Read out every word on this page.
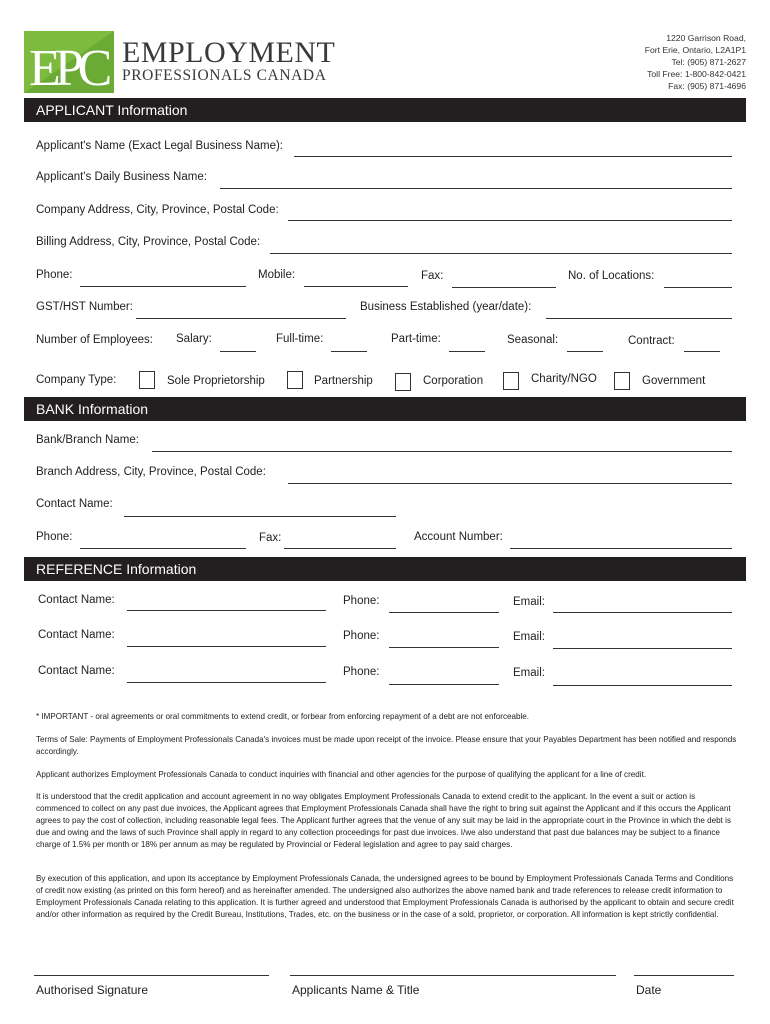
EPC EMPLOYMENT
PROFESSIONALS CANADA
1220 Garrison Road,
Fort Erie, Ontario, L2A1P1
Tel: (905) 871-2627
Toll Free: 1-800-842-0421
Fax: (905) 871-4696
APPLICANT Information
Applicant's Name (Exact Legal Business Name):
Applicant's Daily Business Name:
Company Address, City, Province, Postal Code:
Billing Address, City, Province, Postal Code:
Phone:	Mobile:	Fax:	No. of Locations:
GST/HST Number:	Business Established (year/date):
Number of Employees: Salary:	Full-time:	Part-time:	Seasonal:	Contract:
Company Type:	Sole Proprietorship	Partnership	Corporation	Charity/NGO	Government
BANK Information
Bank/Branch Name:
Branch Address, City, Province, Postal Code:
Contact Name:
Phone:	Fax:	Account Number:
REFERENCE Information
Contact Name:	Phone:	Email:
Contact Name:	Phone:	Email:
Contact Name:	Phone:	Email:
* IMPORTANT - oral agreements or oral commitments to extend credit, or forbear from enforcing repayment of a debt are not enforceable.
Terms of Sale: Payments of Employment Professionals Canada's invoices must be made upon receipt of the invoice. Please ensure that your Payables Department has been notified and responds accordingly.
Applicant authorizes Employment Professionals Canada to conduct inquiries with financial and other agencies for the purpose of qualifying the applicant for a line of credit.
It is understood that the credit application and account agreement in no way obligates Employment Professionals Canada to extend credit to the applicant. In the event a suit or action is commenced to collect on any past due invoices, the Applicant agrees that Employment Professionals Canada shall have the right to bring suit against the Applicant and if this occurs the Applicant agrees to pay the cost of collection, including reasonable legal fees. The Applicant further agrees that the venue of any suit may be laid in the appropriate court in the Province in which the debt is due and owing and the laws of such Province shall apply in regard to any collection proceedings for past due invoices. I/we also understand that past due balances may be subject to a finance charge of 1.5% per month or 18% per annum as may be regulated by Provincial or Federal legislation and agree to pay said charges.
By execution of this application, and upon its acceptance by Employment Professionals Canada, the undersigned agrees to be bound by Employment Professionals Canada Terms and Conditions of credit now existing (as printed on this form hereof) and as hereinafter amended. The undersigned also authorizes the above named bank and trade references to release credit information to Employment Professionals Canada relating to this application. It is further agreed and understood that Employment Professionals Canada is authorised by the applicant to obtain and secure credit and/or other information as required by the Credit Bureau, Institutions, Trades, etc. on the business or in the case of a sold, proprietor, or corporation. All information is kept strictly confidential.
Authorised Signature	Applicants Name & Title	Date
